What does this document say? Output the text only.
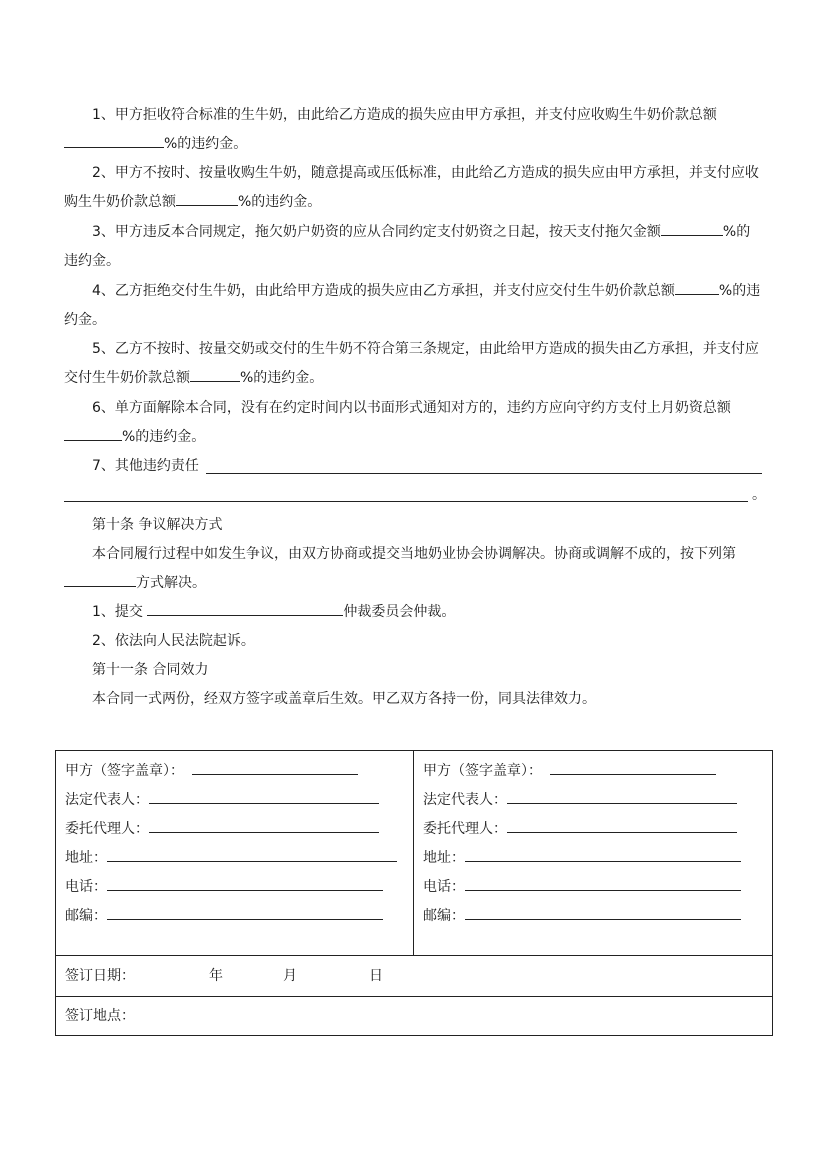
1、甲方拒收符合标准的生牛奶，由此给乙方造成的损失应由甲方承担，并支付应收购生牛奶价款总额%的违约金。

2、甲方不按时、按量收购生牛奶，随意提高或压低标准，由此给乙方造成的损失应由甲方承担，并支付应收购生牛奶价款总额	%的违约金。

3、甲方违反本合同规定，拖欠奶户奶资的应从合同约定支付奶资之日起，按天支付拖欠金额	%的违约金。

4、乙方拒绝交付生牛奶，由此给甲方造成的损失应由乙方承担，并支付应交付生牛奶价款总额	%的违约金。

5、乙方不按时、按量交奶或交付的生牛奶不符合第三条规定，由此给甲方造成的损失由乙方承担，并支付应交付生牛奶价款总额	%的违约金。

6、单方面解除本合同，没有在约定时间内以书面形式通知对方的，违约方应向守约方支付上月奶资总额%的违约金。

7、其他违约责任

。

第十条 争议解决方式

本合同履行过程中如发生争议，由双方协商或提交当地奶业协会协调解决。协商或调解不成的，按下列第方式解决。

1、提交	仲裁委员会仲裁。

2、依法向人民法院起诉。

第十一条 合同效力

本合同一式两份，经双方签字或盖章后生效。甲乙双方各持一份，同具法律效力。

甲方（签字盖章）：
法定代表人：
委托代理人：
地址：
电话：
邮编：

甲方（签字盖章）：
法定代表人：
委托代理人：
地址：
电话：
邮编：

签订日期：	年	月	日

签订地点：
